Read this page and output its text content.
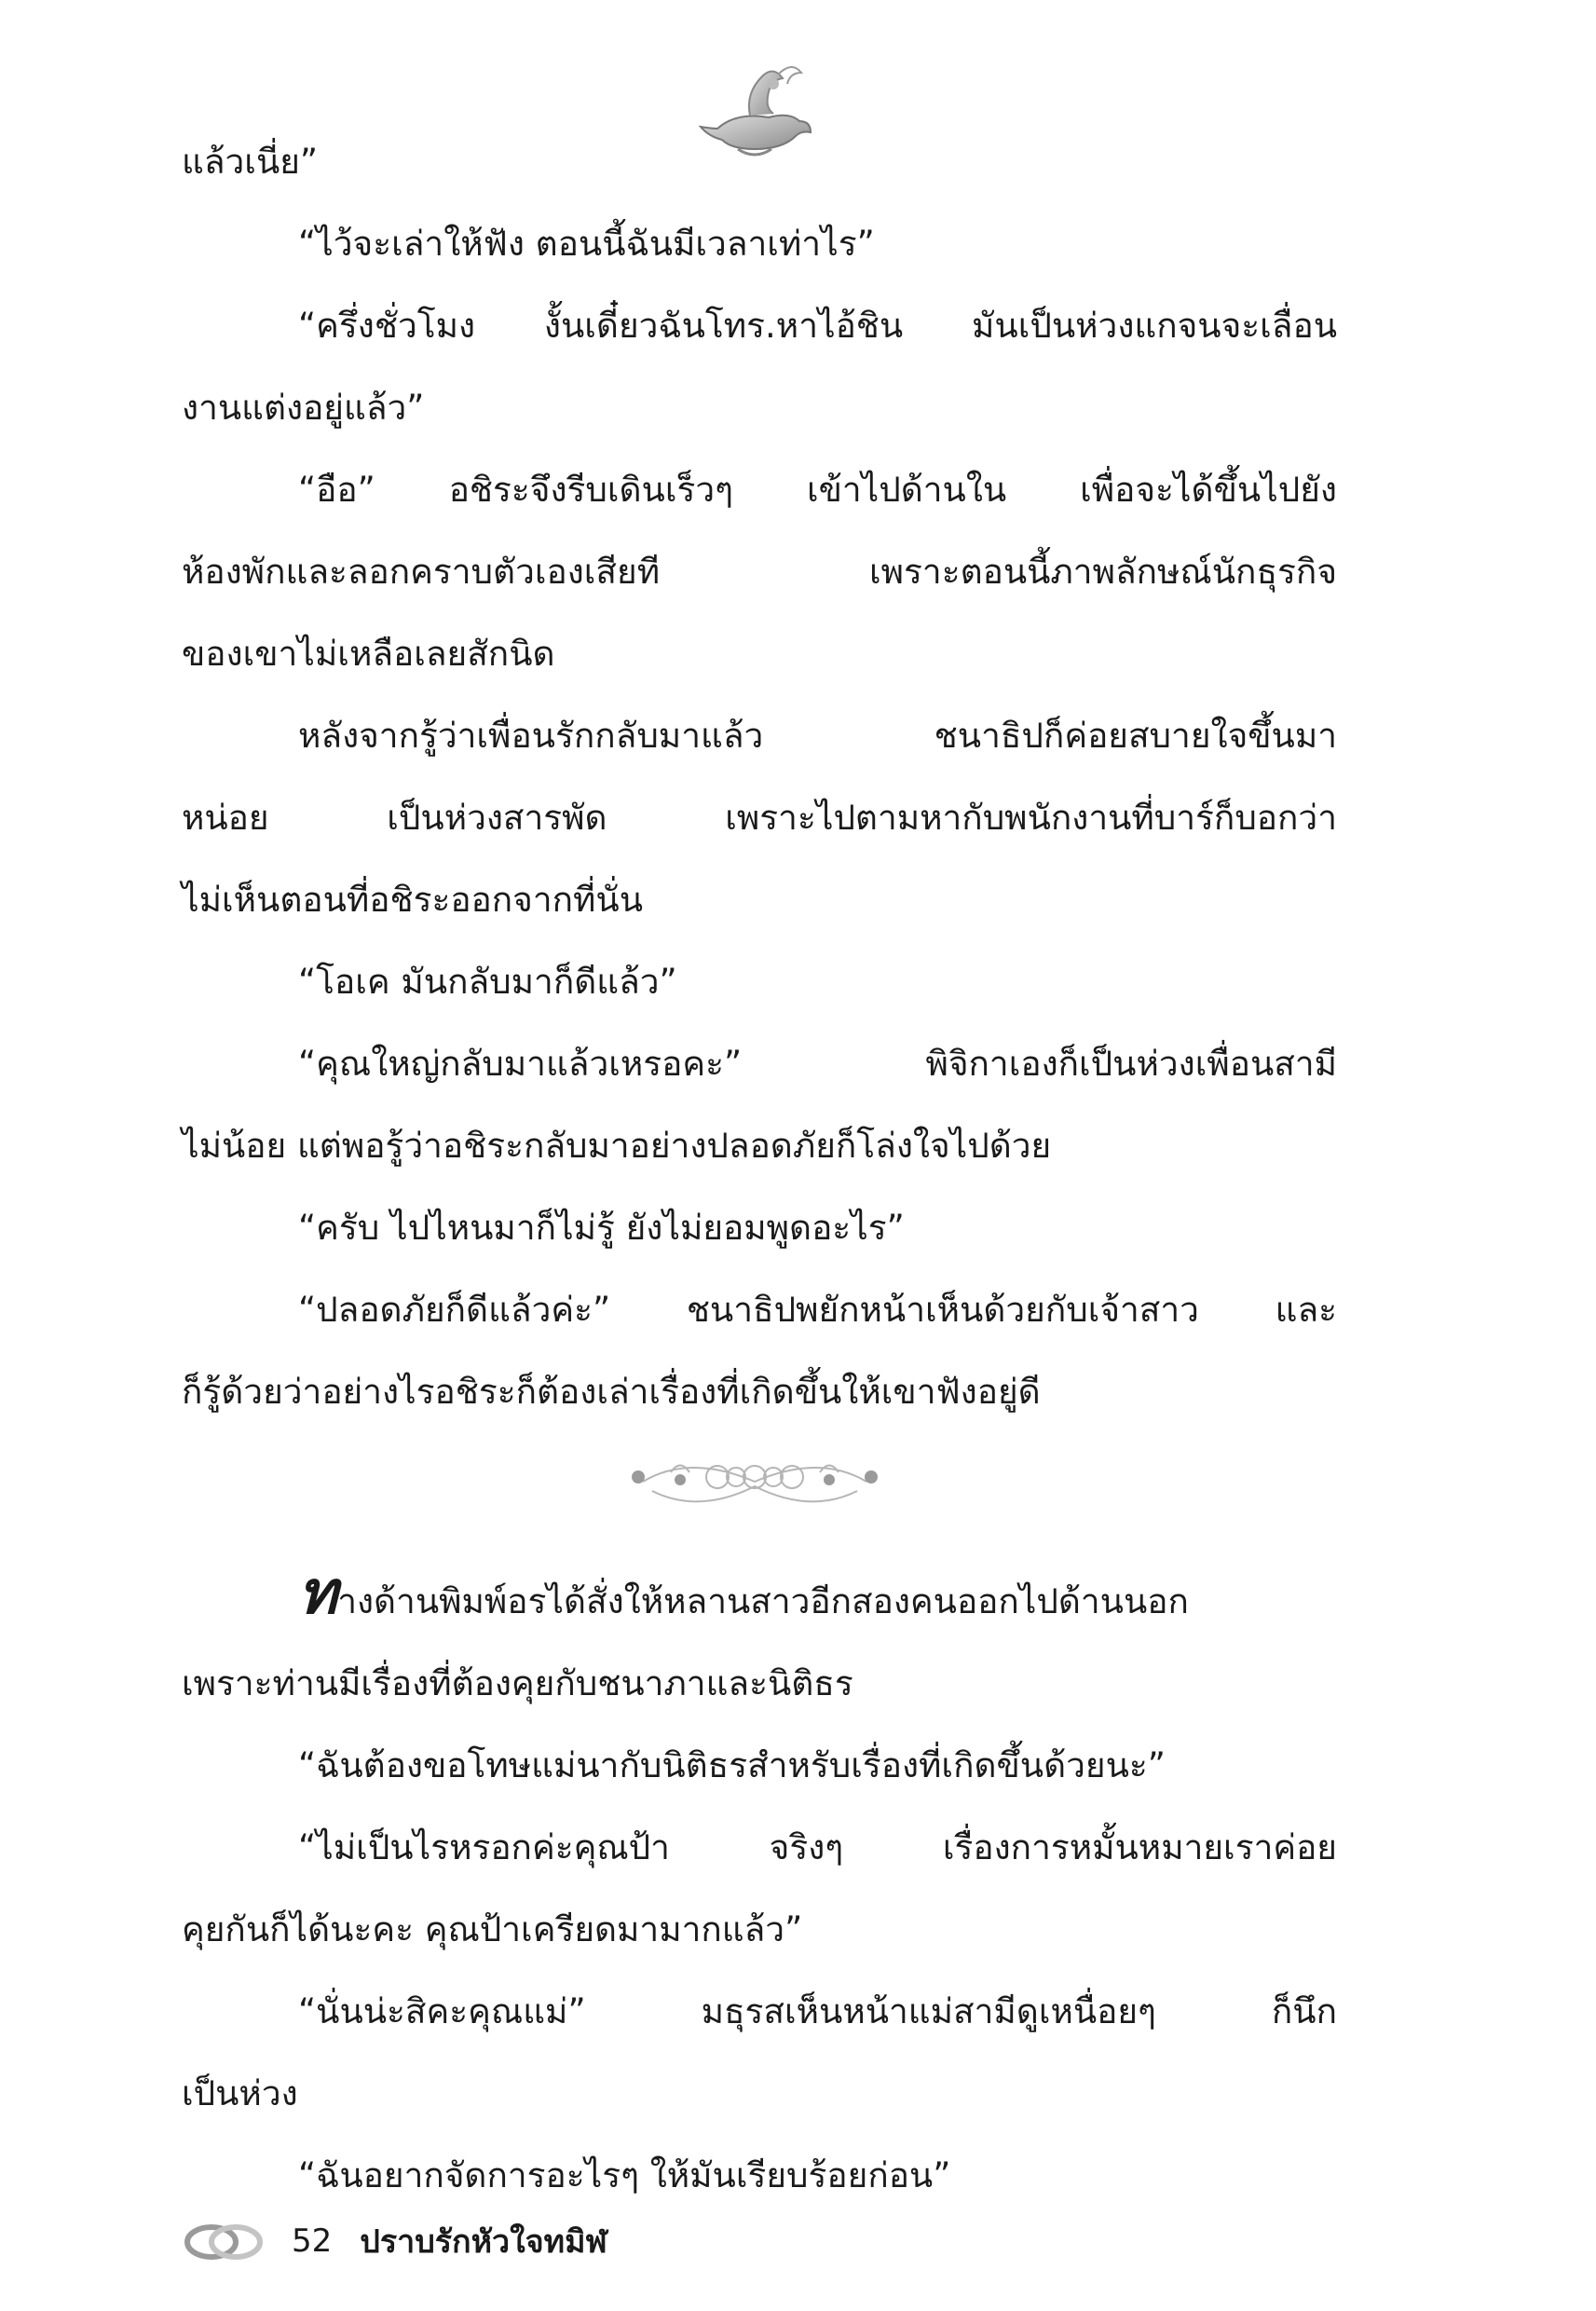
แล้วเนี่ย”

“ไว้จะเล่าให้ฟัง ตอนนี้ฉันมีเวลาเท่าไร”

“ครึ่งชั่วโมง งั้นเดี๋ยวฉันโทร.หาไอ้ชิน มันเป็นห่วงแกจนจะเลื่อน

งานแต่งอยู่แล้ว”

“อือ” อชิระจึงรีบเดินเร็วๆ เข้าไปด้านใน เพื่อจะได้ขึ้นไปยัง

ห้องพักและลอกคราบตัวเองเสียที เพราะตอนนี้ภาพลักษณ์นักธุรกิจ

ของเขาไม่เหลือเลยสักนิด

หลังจากรู้ว่าเพื่อนรักกลับมาแล้ว ชนาธิปก็ค่อยสบายใจขึ้นมา

หน่อย เป็นห่วงสารพัด เพราะไปตามหากับพนักงานที่บาร์ก็บอกว่า

ไม่เห็นตอนที่อชิระออกจากที่นั่น

“โอเค มันกลับมาก็ดีแล้ว”

“คุณใหญ่กลับมาแล้วเหรอคะ” พิจิกาเองก็เป็นห่วงเพื่อนสามี

ไม่น้อย แต่พอรู้ว่าอชิระกลับมาอย่างปลอดภัยก็โล่งใจไปด้วย

“ครับ ไปไหนมาก็ไม่รู้ ยังไม่ยอมพูดอะไร”

“ปลอดภัยก็ดีแล้วค่ะ” ชนาธิปพยักหน้าเห็นด้วยกับเจ้าสาว และ

ก็รู้ด้วยว่าอย่างไรอชิระก็ต้องเล่าเรื่องที่เกิดขึ้นให้เขาฟังอยู่ดี

ทางด้านพิมพ์อรได้สั่งให้หลานสาวอีกสองคนออกไปด้านนอก

เพราะท่านมีเรื่องที่ต้องคุยกับชนาภาและนิติธร

“ฉันต้องขอโทษแม่นากับนิติธรสำหรับเรื่องที่เกิดขึ้นด้วยนะ”

“ไม่เป็นไรหรอกค่ะคุณป้า จริงๆ เรื่องการหมั้นหมายเราค่อย

คุยกันก็ได้นะคะ คุณป้าเครียดมามากแล้ว”

“นั่นน่ะสิคะคุณแม่” มธุรสเห็นหน้าแม่สามีดูเหนื่อยๆ ก็นึก

เป็นห่วง

“ฉันอยากจัดการอะไรๆ ให้มันเรียบร้อยก่อน”

52 ปราบรักหัวใจทมิฬ
